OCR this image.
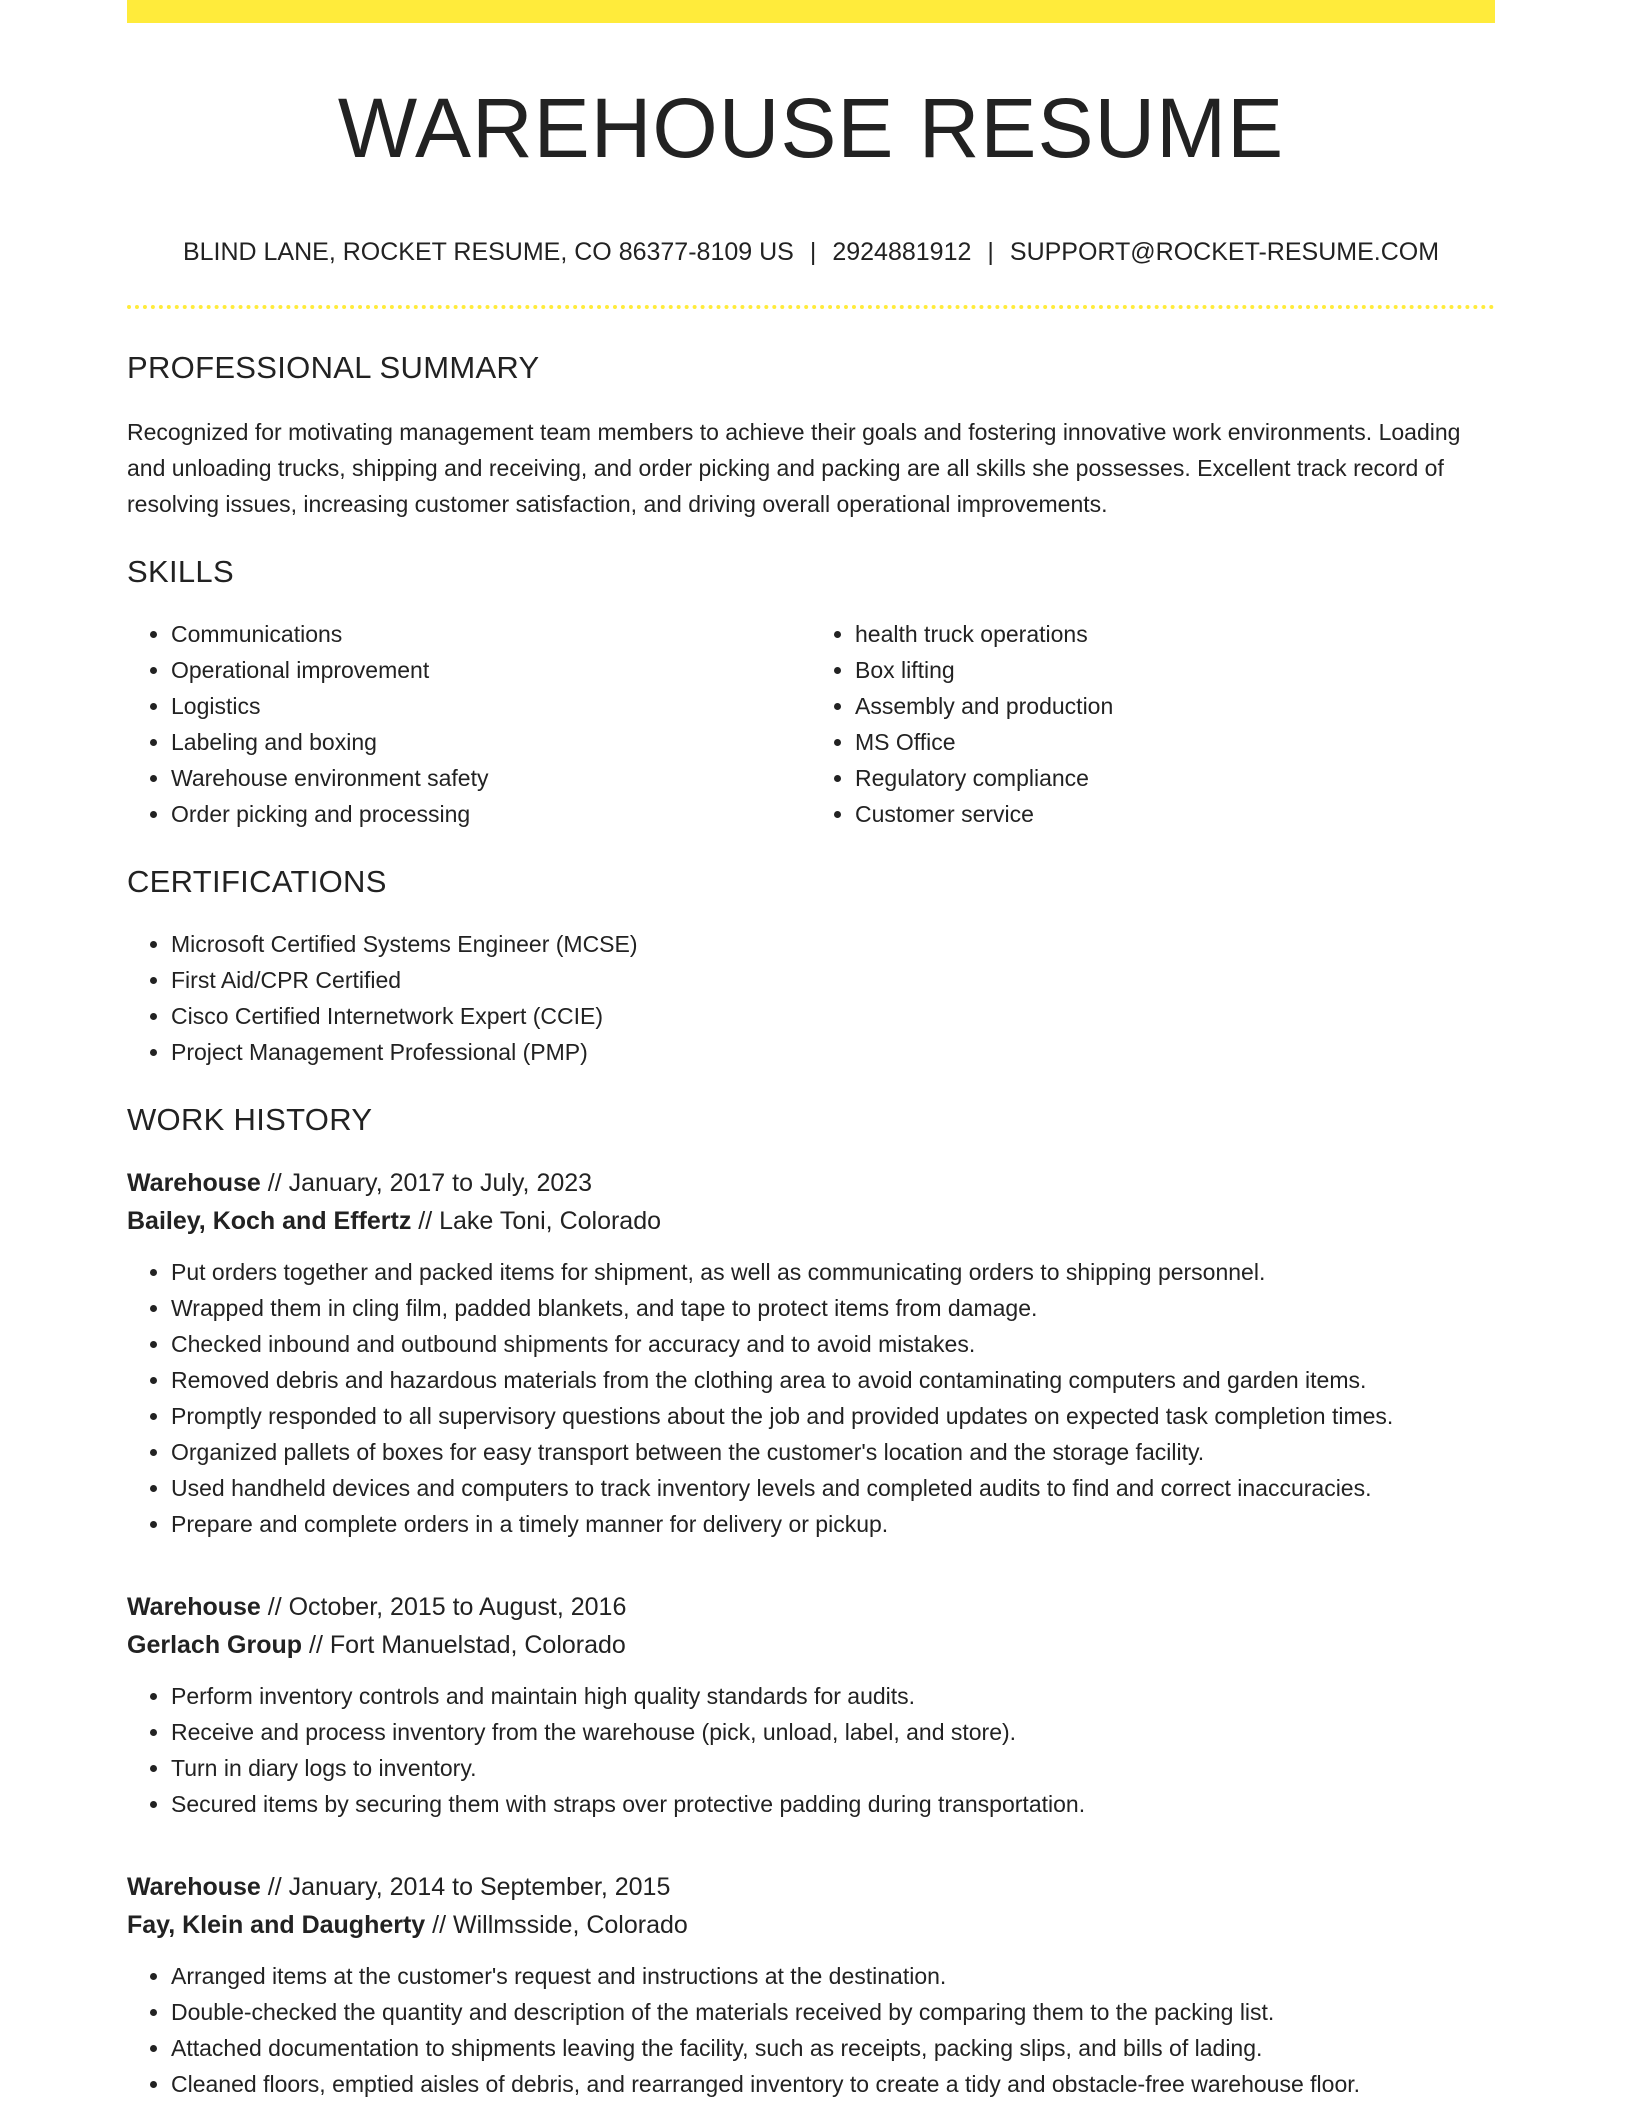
WAREHOUSE RESUME
BLIND LANE, ROCKET RESUME, CO 86377-8109 US | 2924881912 | SUPPORT@ROCKET-RESUME.COM
PROFESSIONAL SUMMARY

Recognized for motivating management team members to achieve their goals and fostering innovative work environments. Loading and unloading trucks, shipping and receiving, and order picking and packing are all skills she possesses. Excellent track record of resolving issues, increasing customer satisfaction, and driving overall operational improvements.

SKILLS
• Communications
• Operational improvement
• Logistics
• Labeling and boxing
• Warehouse environment safety
• Order picking and processing
• health truck operations
• Box lifting
• Assembly and production
• MS Office
• Regulatory compliance
• Customer service
CERTIFICATIONS
• Microsoft Certified Systems Engineer (MCSE)
• First Aid/CPR Certified
• Cisco Certified Internetwork Expert (CCIE)
• Project Management Professional (PMP)
WORK HISTORY
Warehouse // January, 2017 to July, 2023
Bailey, Koch and Effertz // Lake Toni, Colorado
• Put orders together and packed items for shipment, as well as communicating orders to shipping personnel.
• Wrapped them in cling film, padded blankets, and tape to protect items from damage.
• Checked inbound and outbound shipments for accuracy and to avoid mistakes.
• Removed debris and hazardous materials from the clothing area to avoid contaminating computers and garden items.
• Promptly responded to all supervisory questions about the job and provided updates on expected task completion times.
• Organized pallets of boxes for easy transport between the customer's location and the storage facility.
• Used handheld devices and computers to track inventory levels and completed audits to find and correct inaccuracies.
• Prepare and complete orders in a timely manner for delivery or pickup.
Warehouse // October, 2015 to August, 2016
Gerlach Group // Fort Manuelstad, Colorado
• Perform inventory controls and maintain high quality standards for audits.
• Receive and process inventory from the warehouse (pick, unload, label, and store).
• Turn in diary logs to inventory.
• Secured items by securing them with straps over protective padding during transportation.
Warehouse // January, 2014 to September, 2015
Fay, Klein and Daugherty // Willmsside, Colorado
• Arranged items at the customer's request and instructions at the destination.
• Double-checked the quantity and description of the materials received by comparing them to the packing list.
• Attached documentation to shipments leaving the facility, such as receipts, packing slips, and bills of lading.
• Cleaned floors, emptied aisles of debris, and rearranged inventory to create a tidy and obstacle-free warehouse floor.
